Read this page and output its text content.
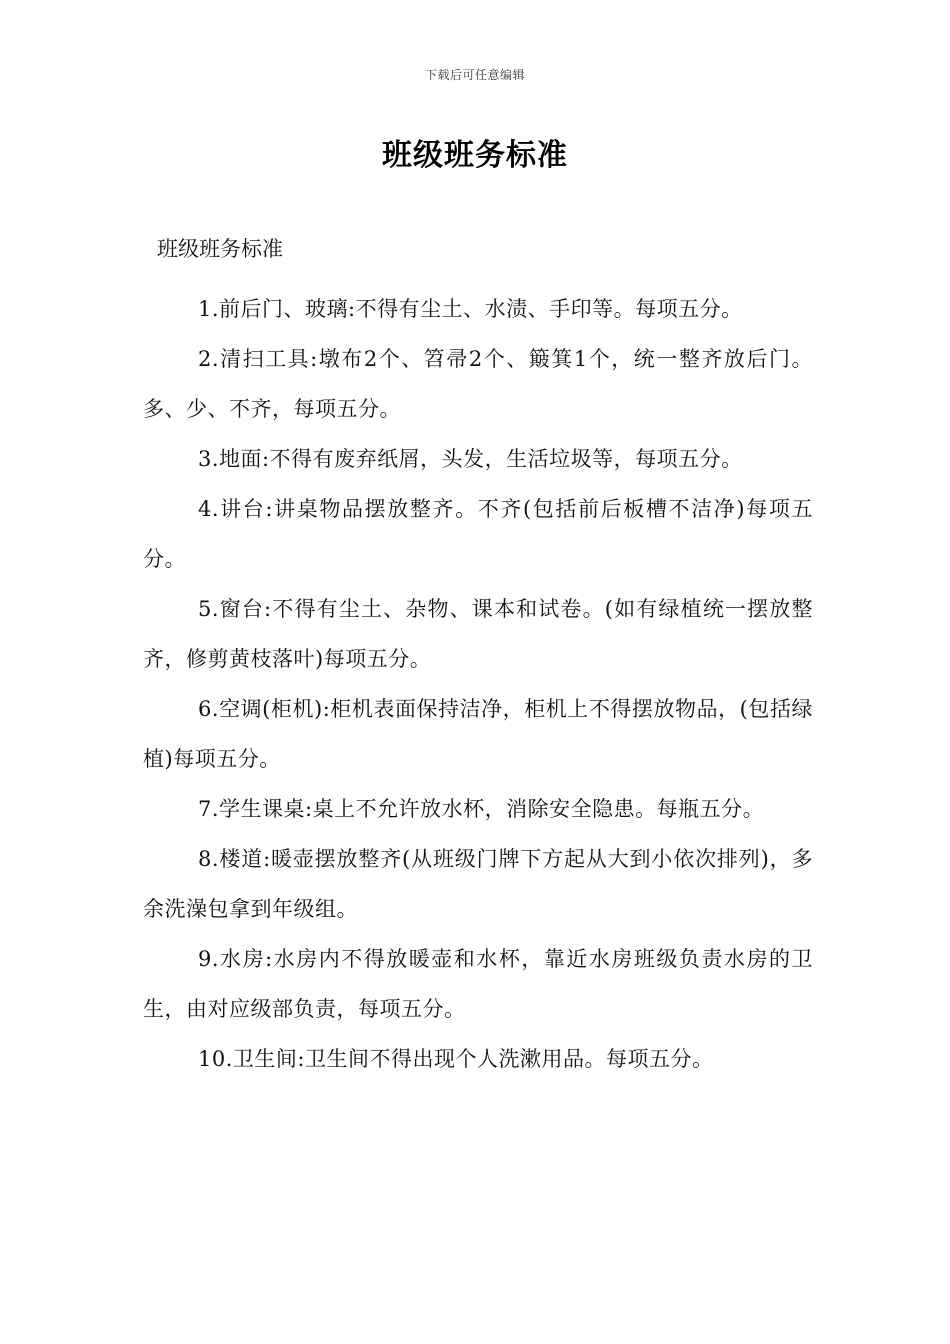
下载后可任意编辑
班级班务标准
班级班务标准
1.前后门、玻璃:不得有尘土、水渍、手印等。每项五分。
2.清扫工具:墩布2个、笤帚2个、簸箕1个，统一整齐放后门。多、少、不齐，每项五分。
3.地面:不得有废弃纸屑，头发，生活垃圾等，每项五分。
4.讲台:讲桌物品摆放整齐。不齐(包括前后板槽不洁净)每项五分。
5.窗台:不得有尘土、杂物、课本和试卷。(如有绿植统一摆放整齐，修剪黄枝落叶)每项五分。
6.空调(柜机):柜机表面保持洁净，柜机上不得摆放物品，(包括绿植)每项五分。
7.学生课桌:桌上不允许放水杯，消除安全隐患。每瓶五分。
8.楼道:暖壶摆放整齐(从班级门牌下方起从大到小依次排列)，多余洗澡包拿到年级组。
9.水房:水房内不得放暖壶和水杯，靠近水房班级负责水房的卫生，由对应级部负责，每项五分。
10.卫生间:卫生间不得出现个人洗漱用品。每项五分。
